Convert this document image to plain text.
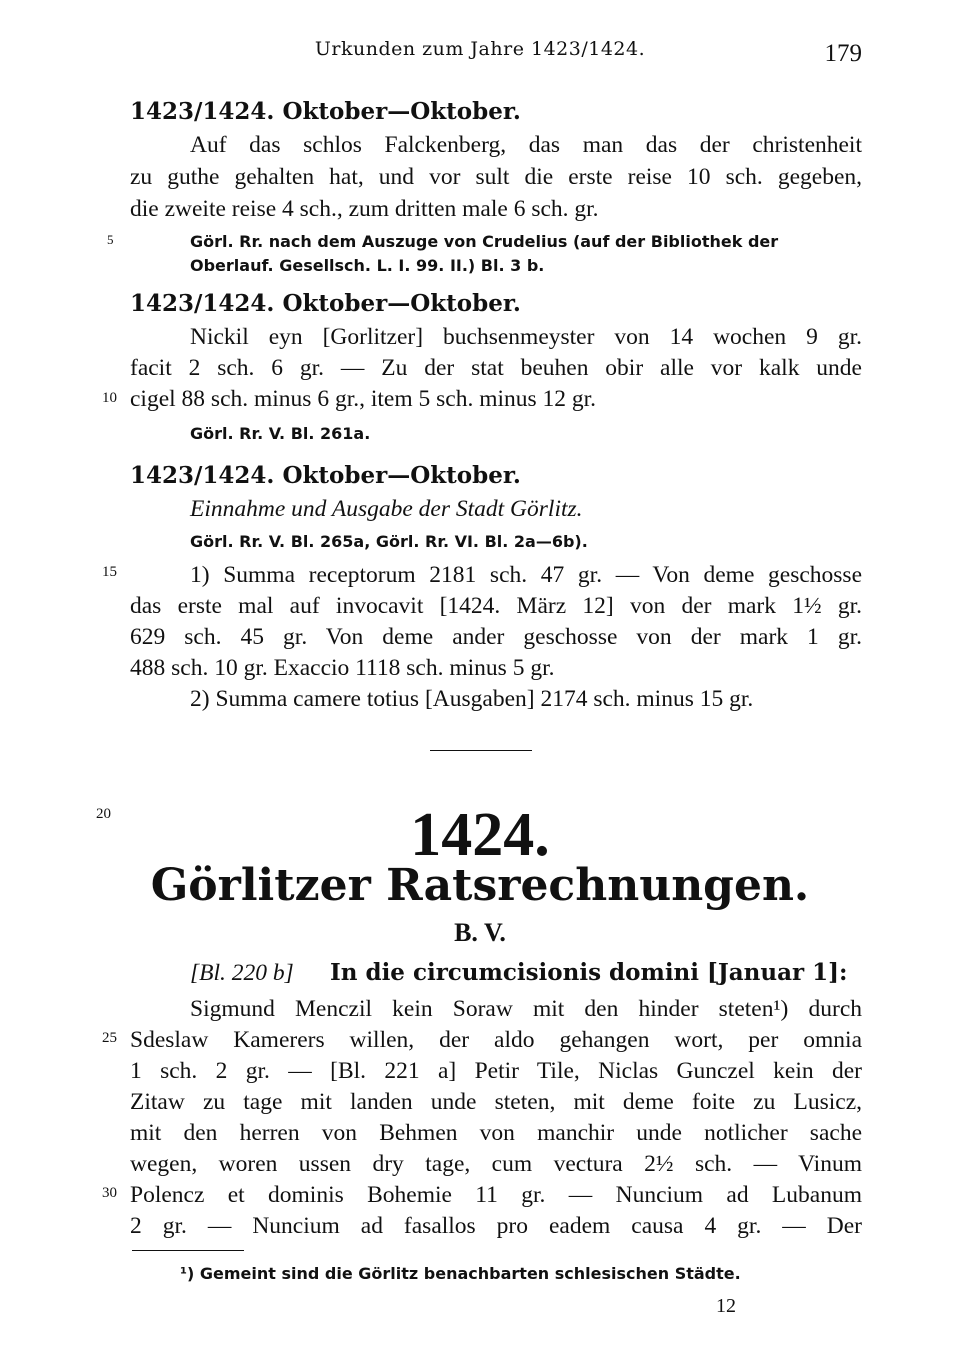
Urkunden zum Jahre 1423/1424.	179
1423/1424. Oktober—Oktober.
Auf das schlos Falckenberg, das man das der christenheit
zu guthe gehalten hat, und vor sult die erste reise 10 sch. gegeben,
die zweite reise 4 sch., zum dritten male 6 sch. gr.
5	Görl. Rr. nach dem Auszuge von Crudelius (auf der Bibliothek der
Oberlauf. Gesellsch. L. I. 99. II.) Bl. 3 b.
1423/1424. Oktober—Oktober.
Nickil eyn [Gorlitzer] buchsenmeyster von 14 wochen 9 gr.
facit 2 sch. 6 gr. — Zu der stat beuhen obir alle vor kalk unde
10 cigel 88 sch. minus 6 gr., item 5 sch. minus 12 gr.
Görl. Rr. V. Bl. 261a.
1423/1424. Oktober—Oktober.
Einnahme und Ausgabe der Stadt Görlitz.
Görl. Rr. V. Bl. 265a, Görl. Rr. VI. Bl. 2a—6b).
15	1) Summa receptorum 2181 sch. 47 gr. — Von deme geschosse
das erste mal auf invocavit [1424. März 12] von der mark 1½ gr.
629 sch. 45 gr. Von deme ander geschosse von der mark 1 gr.
488 sch. 10 gr. Exaccio 1118 sch. minus 5 gr.
2) Summa camere totius [Ausgaben] 2174 sch. minus 15 gr.
20	1424.
Görlitzer Ratsrechnungen.
B. V.
[Bl. 220 b] In die circumcisionis domini [Januar 1]:
Sigmund Menczil kein Soraw mit den hinder steten¹) durch
25 Sdeslaw Kamerers willen, der aldo gehangen wort, per omnia
1 sch. 2 gr. — [Bl. 221 a] Petir Tile, Niclas Gunczel kein der
Zitaw zu tage mit landen unde steten, mit deme foite zu Lusicz,
mit den herren von Behmen von manchir unde notlicher sache
wegen, woren ussen dry tage, cum vectura 2½ sch. — Vinum
30 Polencz et dominis Bohemie 11 gr. — Nuncium ad Lubanum
2 gr. — Nuncium ad fasallos pro eadem causa 4 gr. — Der
¹) Gemeint sind die Görlitz benachbarten schlesischen Städte.
12
